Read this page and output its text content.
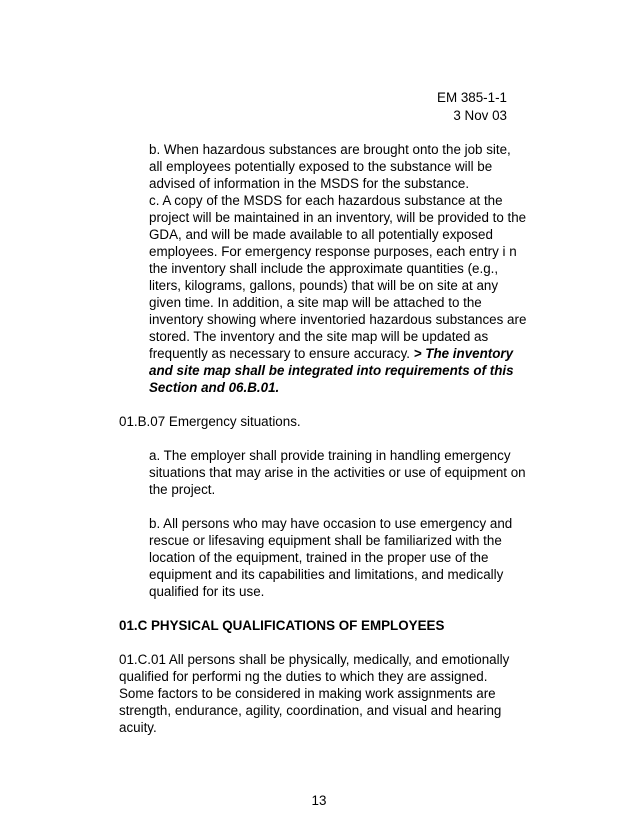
EM 385-1-1
3 Nov 03
b. When hazardous substances are brought onto the job site,
all employees potentially exposed to the substance will be
advised of information in the MSDS for the substance.
c. A copy of the MSDS for each hazardous substance at the
project will be maintained in an inventory, will be provided to the
GDA, and will be made available to all potentially exposed
employees. For emergency response purposes, each entry i n
the inventory shall include the approximate quantities (e.g.,
liters, kilograms, gallons, pounds) that will be on site at any
given time. In addition, a site map will be attached to the
inventory showing where inventoried hazardous substances are
stored. The inventory and the site map will be updated as
frequently as necessary to ensure accuracy. > The inventory
and site map shall be integrated into requirements of this
Section and 06.B.01.
01.B.07 Emergency situations.
a. The employer shall provide training in handling emergency
situations that may arise in the activities or use of equipment on
the project.
b. All persons who may have occasion to use emergency and
rescue or lifesaving equipment shall be familiarized with the
location of the equipment, trained in the proper use of the
equipment and its capabilities and limitations, and medically
qualified for its use.
01.C PHYSICAL QUALIFICATIONS OF EMPLOYEES
01.C.01 All persons shall be physically, medically, and emotionally
qualified for performi ng the duties to which they are assigned.
Some factors to be considered in making work assignments are
strength, endurance, agility, coordination, and visual and hearing
acuity.
13
